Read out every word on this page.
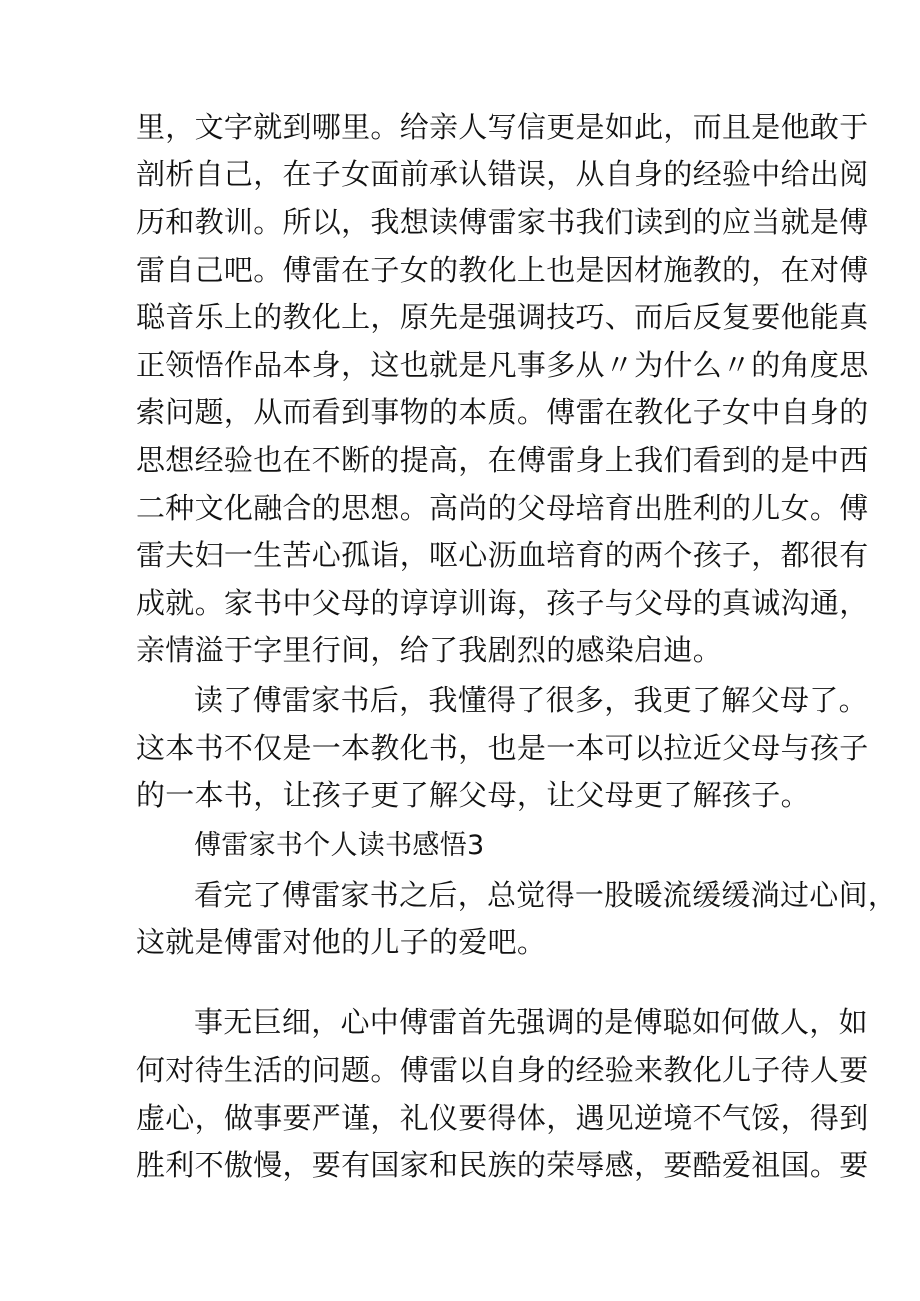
里，文字就到哪里。给亲人写信更是如此，而且是他敢于
剖析自己，在子女面前承认错误，从自身的经验中给出阅
历和教训。所以，我想读傅雷家书我们读到的应当就是傅
雷自己吧。傅雷在子女的教化上也是因材施教的，在对傅
聪音乐上的教化上，原先是强调技巧、而后反复要他能真
正领悟作品本身，这也就是凡事多从〃为什么〃的角度思
索问题，从而看到事物的本质。傅雷在教化子女中自身的
思想经验也在不断的提高，在傅雷身上我们看到的是中西
二种文化融合的思想。高尚的父母培育出胜利的儿女。傅
雷夫妇一生苦心孤诣，呕心沥血培育的两个孩子，都很有
成就。家书中父母的谆谆训诲，孩子与父母的真诚沟通，
亲情溢于字里行间，给了我剧烈的感染启迪。
读了傅雷家书后，我懂得了很多，我更了解父母了。
这本书不仅是一本教化书，也是一本可以拉近父母与孩子
的一本书，让孩子更了解父母，让父母更了解孩子。
傅雷家书个人读书感悟3
看完了傅雷家书之后，总觉得一股暖流缓缓淌过心间，
这就是傅雷对他的儿子的爱吧。
事无巨细，心中傅雷首先强调的是傅聪如何做人，如
何对待生活的问题。傅雷以自身的经验来教化儿子待人要
虚心，做事要严谨，礼仪要得体，遇见逆境不气馁，得到
胜利不傲慢，要有国家和民族的荣辱感，要酷爱祖国。要
